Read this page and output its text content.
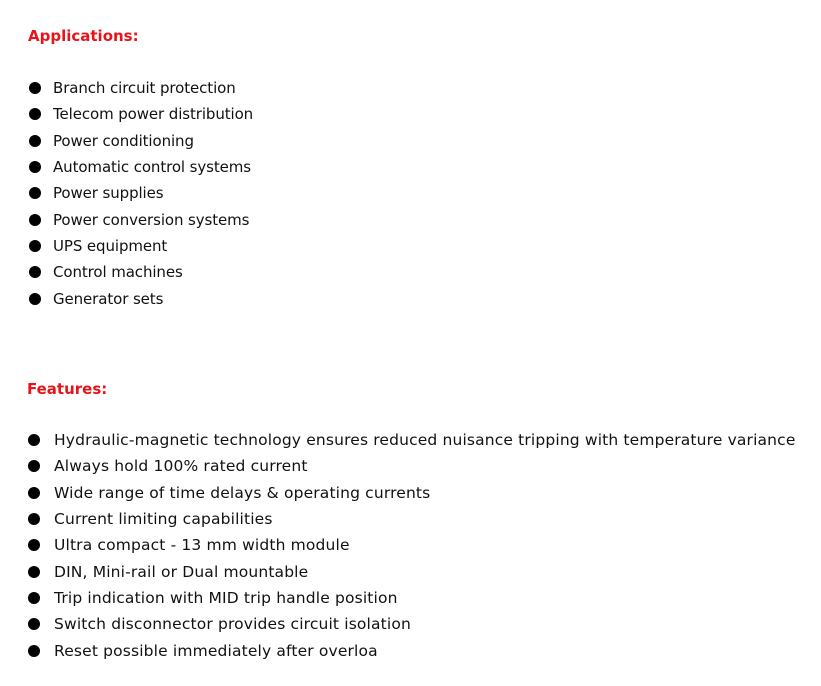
Applications:
Branch circuit protection
Telecom power distribution
Power conditioning
Automatic control systems
Power supplies
Power conversion systems
UPS equipment
Control machines
Generator sets
Features:
Hydraulic-magnetic technology ensures reduced nuisance tripping with temperature variance
Always hold 100% rated current
Wide range of time delays & operating currents
Current limiting capabilities
Ultra compact - 13 mm width module
DIN, Mini-rail or Dual mountable
Trip indication with MID trip handle position
Switch disconnector provides circuit isolation
Reset possible immediately after overloa
